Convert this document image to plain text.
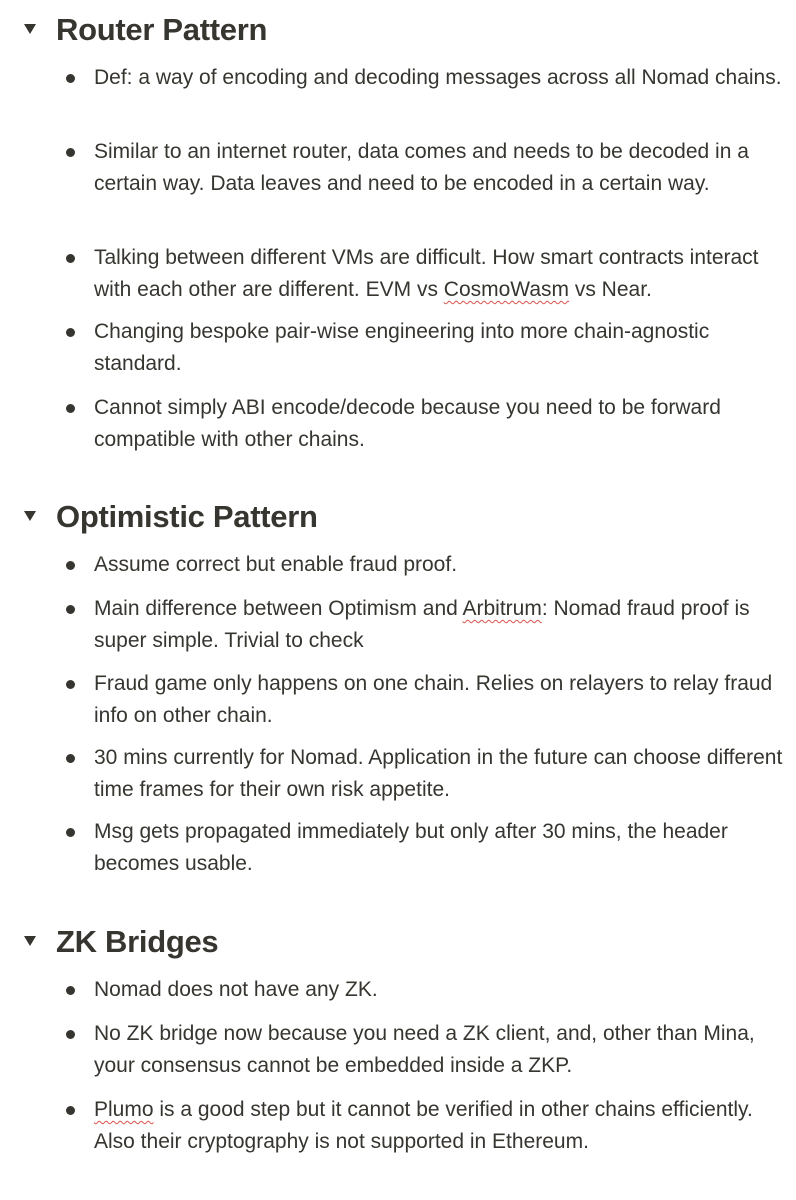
Router Pattern
Def: a way of encoding and decoding messages across all Nomad chains.
Similar to an internet router, data comes and needs to be decoded in a certain way. Data leaves and need to be encoded in a certain way.
Talking between different VMs are difficult. How smart contracts interact with each other are different. EVM vs CosmoWasm vs Near.
Changing bespoke pair-wise engineering into more chain-agnostic standard.
Cannot simply ABI encode/decode because you need to be forward compatible with other chains.
Optimistic Pattern
Assume correct but enable fraud proof.
Main difference between Optimism and Arbitrum: Nomad fraud proof is super simple. Trivial to check
Fraud game only happens on one chain. Relies on relayers to relay fraud info on other chain.
30 mins currently for Nomad. Application in the future can choose different time frames for their own risk appetite.
Msg gets propagated immediately but only after 30 mins, the header becomes usable.
ZK Bridges
Nomad does not have any ZK.
No ZK bridge now because you need a ZK client, and, other than Mina, your consensus cannot be embedded inside a ZKP.
Plumo is a good step but it cannot be verified in other chains efficiently. Also their cryptography is not supported in Ethereum.
